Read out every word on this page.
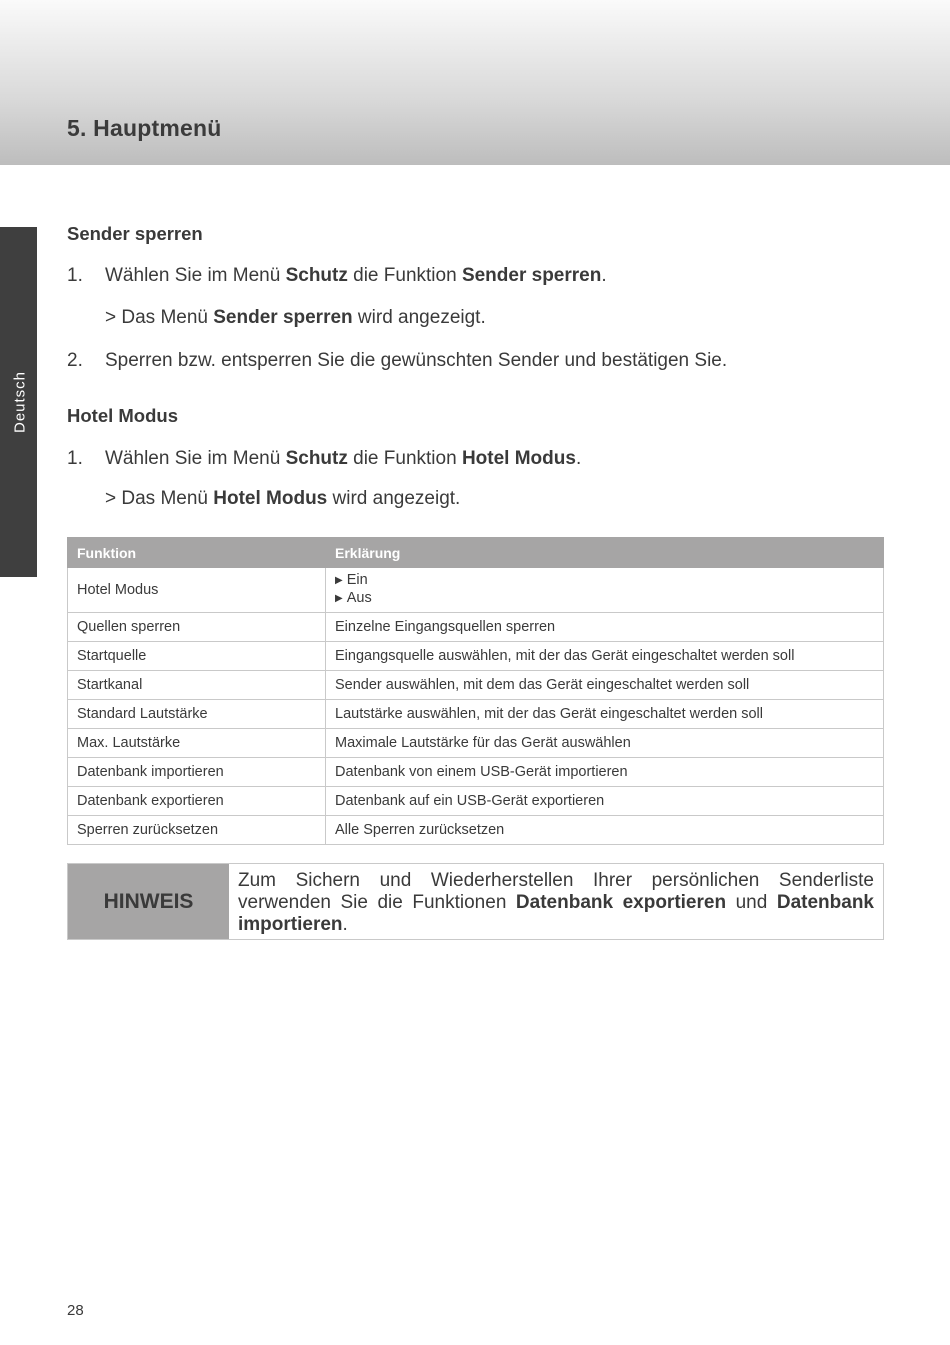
5. Hauptmenü
Deutsch
Sender sperren
1. Wählen Sie im Menü Schutz die Funktion Sender sperren.
> Das Menü Sender sperren wird angezeigt.
2. Sperren bzw. entsperren Sie die gewünschten Sender und bestätigen Sie.
Hotel Modus
1. Wählen Sie im Menü Schutz die Funktion Hotel Modus.
> Das Menü Hotel Modus wird angezeigt.
Funktion	Erklärung
Hotel Modus	▶ Ein
▶ Aus

Quellen sperren	Einzelne Eingangsquellen sperren
Startquelle	Eingangsquelle auswählen, mit der das Gerät eingeschaltet werden soll
Startkanal	Sender auswählen, mit dem das Gerät eingeschaltet werden soll
Standard Lautstärke	Lautstärke auswählen, mit der das Gerät eingeschaltet werden soll
Max. Lautstärke	Maximale Lautstärke für das Gerät auswählen
Datenbank importieren	Datenbank von einem USB-Gerät importieren
Datenbank exportieren	Datenbank auf ein USB-Gerät exportieren
Sperren zurücksetzen	Alle Sperren zurücksetzen
HINWEIS
Zum Sichern und Wiederherstellen Ihrer persönlichen Senderliste verwenden Sie die Funktionen Datenbank exportieren und Datenbank importieren.
28
